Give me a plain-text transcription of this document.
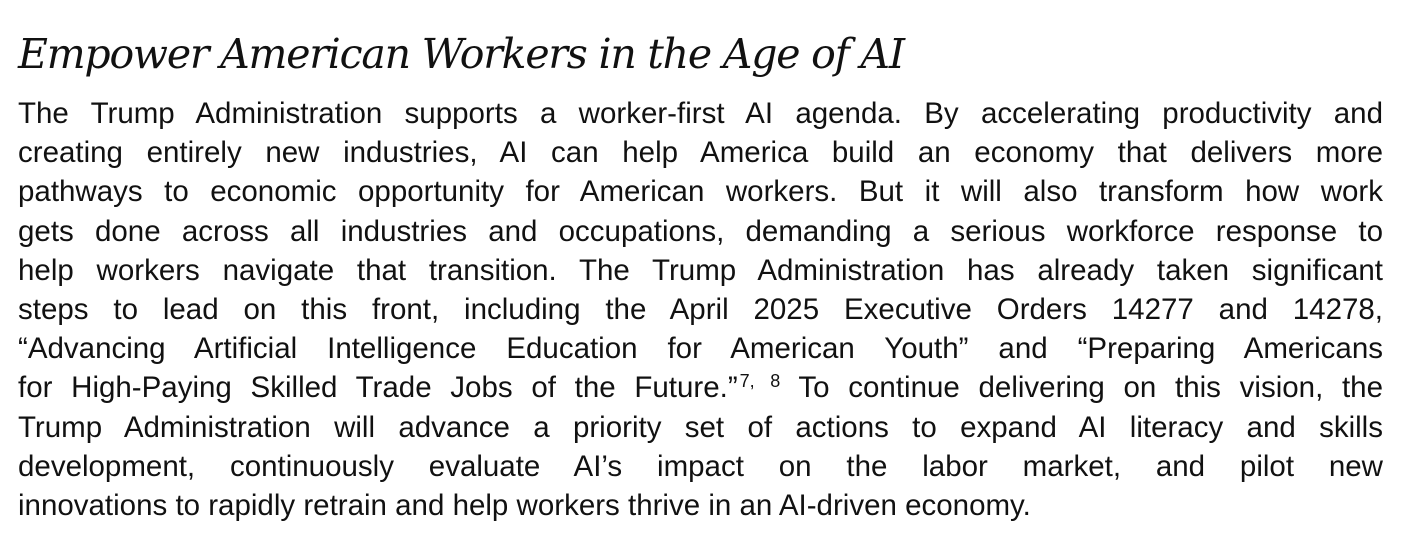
Empower American Workers in the Age of AI
The Trump Administration supports a worker-first AI agenda. By accelerating productivity and
creating entirely new industries, AI can help America build an economy that delivers more
pathways to economic opportunity for American workers. But it will also transform how work
gets done across all industries and occupations, demanding a serious workforce response to
help workers navigate that transition. The Trump Administration has already taken significant
steps to lead on this front, including the April 2025 Executive Orders 14277 and 14278,
“Advancing Artificial Intelligence Education for American Youth” and “Preparing Americans
for High-Paying Skilled Trade Jobs of the Future.” $^{7, 8}$ To continue delivering on this vision, the
Trump Administration will advance a priority set of actions to expand AI literacy and skills
development, continuously evaluate AI’s impact on the labor market, and pilot new
innovations to rapidly retrain and help workers thrive in an AI-driven economy.
